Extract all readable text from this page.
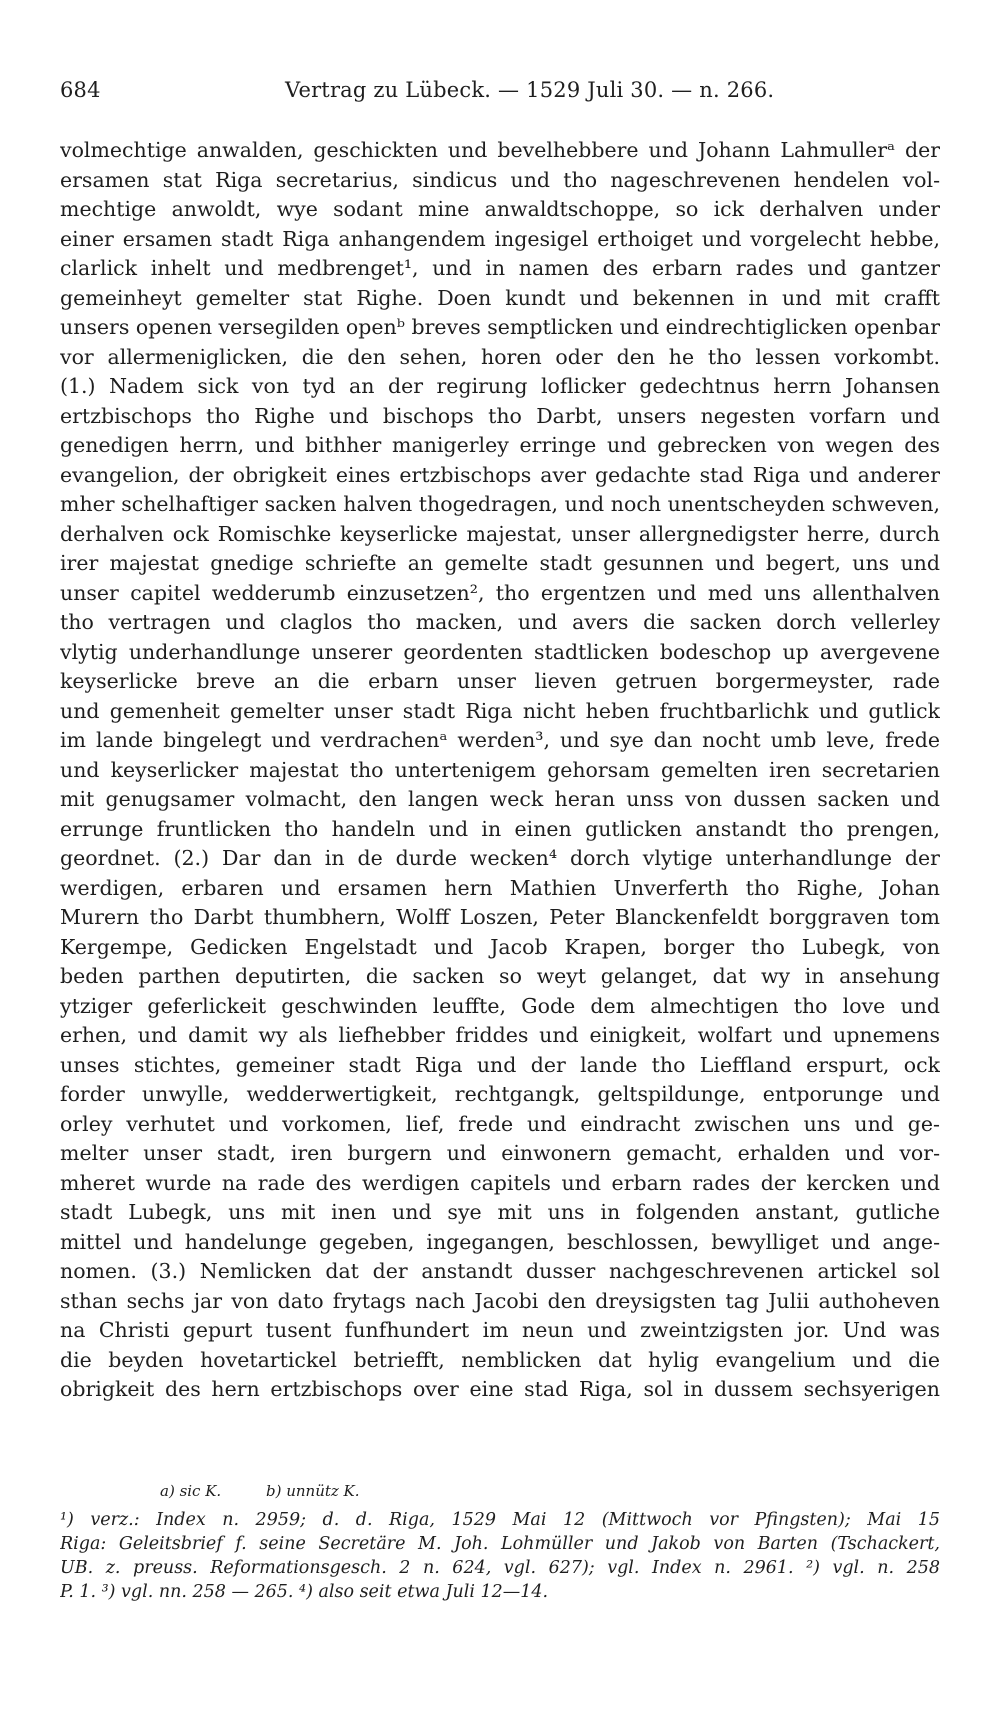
684	Vertrag zu Lübeck. — 1529 Juli 30. — n. 266.
volmechtige anwalden, geschickten und bevelhebbere und Johann Lahmullerᵃ der
ersamen stat Riga secretarius, sindicus und tho nageschrevenen hendelen vol-
mechtige anwoldt, wye sodant mine anwaldtschoppe, so ick derhalven under
einer ersamen stadt Riga anhangendem ingesigel erthoiget und vorgelecht hebbe,
clarlick inhelt und medbrenget¹, und in namen des erbarn rades und gantzer
gemeinheyt gemelter stat Righe. Doen kundt und bekennen in und mit crafft
unsers openen versegilden openᵇ breves semptlicken und eindrechtiglicken openbar
vor allermeniglicken, die den sehen, horen oder den he tho lessen vorkombt.
(1.) Nadem sick von tyd an der regirung loflicker gedechtnus herrn Johansen
ertzbischops tho Righe und bischops tho Darbt, unsers negesten vorfarn und
genedigen herrn, und bithher manigerley erringe und gebrecken von wegen des
evangelion, der obrigkeit eines ertzbischops aver gedachte stad Riga und anderer
mher schelhaftiger sacken halven thogedragen, und noch unentscheyden schweven,
derhalven ock Romischke keyserlicke majestat, unser allergnedigster herre, durch
irer majestat gnedige schriefte an gemelte stadt gesunnen und begert, uns und
unser capitel wedderumb einzusetzen², tho ergentzen und med uns allenthalven
tho vertragen und claglos tho macken, und avers die sacken dorch vellerley
vlytig underhandlunge unserer geordenten stadtlicken bodeschop up avergevene
keyserlicke breve an die erbarn unser lieven getruen borgermeyster, rade
und gemenheit gemelter unser stadt Riga nicht heben fruchtbarlichk und gutlick
im lande bingelegt und verdrachenᵃ werden³, und sye dan nocht umb leve, frede
und keyserlicker majestat tho untertenigem gehorsam gemelten iren secretarien
mit genugsamer volmacht, den langen weck heran unss von dussen sacken und
errunge fruntlicken tho handeln und in einen gutlicken anstandt tho prengen,
geordnet. (2.) Dar dan in de durde wecken⁴ dorch vlytige unterhandlunge der
werdigen, erbaren und ersamen hern Mathien Unverferth tho Righe, Johan
Murern tho Darbt thumbhern, Wolff Loszen, Peter Blanckenfeldt borggraven tom
Kergempe, Gedicken Engelstadt und Jacob Krapen, borger tho Lubegk, von
beden parthen deputirten, die sacken so weyt gelanget, dat wy in ansehung
ytziger geferlickeit geschwinden leuffte, Gode dem almechtigen tho love und
erhen, und damit wy als liefhebber friddes und einigkeit, wolfart und upnemens
unses stichtes, gemeiner stadt Riga und der lande tho Lieffland erspurt, ock
forder unwylle, wedderwertigkeit, rechtgangk, geltspildunge, entporunge und
orley verhutet und vorkomen, lief, frede und eindracht zwischen uns und ge-
melter unser stadt, iren burgern und einwonern gemacht, erhalden und vor-
mheret wurde na rade des werdigen capitels und erbarn rades der kercken und
stadt Lubegk, uns mit inen und sye mit uns in folgenden anstant, gutliche
mittel und handelunge gegeben, ingegangen, beschlossen, bewylliget und ange-
nomen. (3.) Nemlicken dat der anstandt dusser nachgeschrevenen artickel sol
sthan sechs jar von dato frytags nach Jacobi den dreysigsten tag Julii authoheven
na Christi gepurt tusent funfhundert im neun und zweintzigsten jor. Und was
die beyden hovetartickel betriefft, nemblicken dat hylig evangelium und die
obrigkeit des hern ertzbischops over eine stad Riga, sol in dussem sechsyerigen
a) sic K.	b) unnütz K.
¹) verz.: Index n. 2959; d. d. Riga, 1529 Mai 12 (Mittwoch vor Pfingsten); Mai 15
Riga: Geleitsbrief f. seine Secretäre M. Joh. Lohmüller und Jakob von Barten (Tschackert,
UB. z. preuss. Reformationsgesch. 2 n. 624, vgl. 627); vgl. Index n. 2961. ²) vgl. n. 258
P. 1. ³) vgl. nn. 258 — 265. ⁴) also seit etwa Juli 12—14.
